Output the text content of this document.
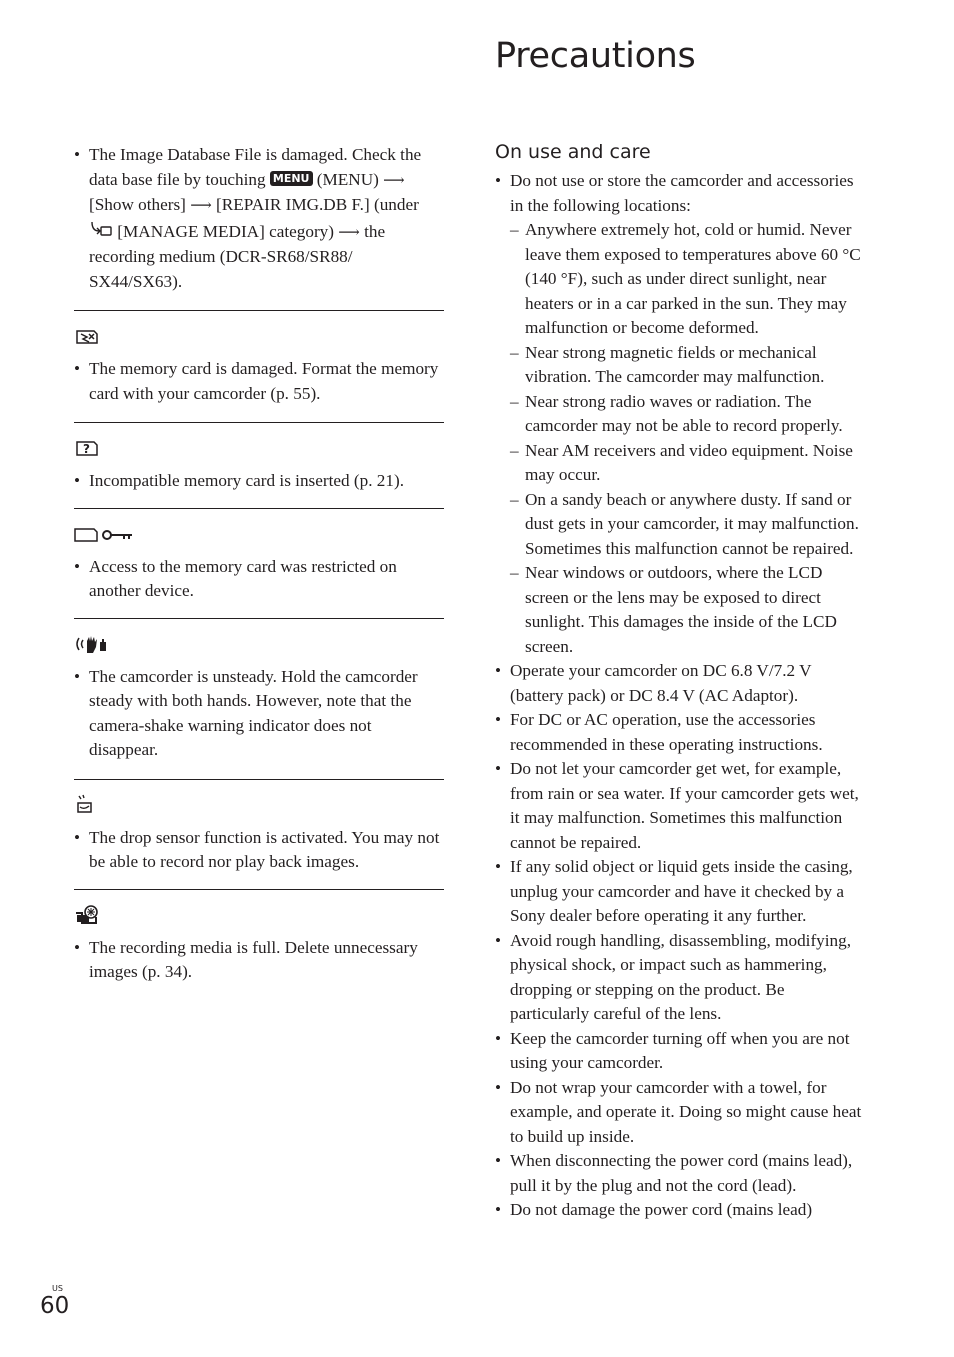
Precautions
• The Image Database File is damaged. Check the data base file by touching MENU (MENU) ⟶ [Show others] ⟶ [REPAIR IMG.DB F.] (under  [MANAGE MEDIA] category) ⟶ the recording medium (DCR-SR68/SR88/ SX44/SX63).
• The memory card is damaged. Format the memory card with your camcorder (p. 55).
?
• Incompatible memory card is inserted (p. 21).
• Access to the memory card was restricted on another device.
• The camcorder is unsteady. Hold the camcorder steady with both hands. However, note that the camera-shake warning indicator does not disappear.
• The drop sensor function is activated. You may not be able to record nor play back images.
• The recording media is full. Delete unnecessary images (p. 34).
On use and care
• Do not use or store the camcorder and accessories in the following locations:
– Anywhere extremely hot, cold or humid. Never leave them exposed to temperatures above 60 °C (140 °F), such as under direct sunlight, near heaters or in a car parked in the sun. They may malfunction or become deformed.
– Near strong magnetic fields or mechanical vibration. The camcorder may malfunction.
– Near strong radio waves or radiation. The camcorder may not be able to record properly.
– Near AM receivers and video equipment. Noise may occur.
– On a sandy beach or anywhere dusty. If sand or dust gets in your camcorder, it may malfunction. Sometimes this malfunction cannot be repaired.
– Near windows or outdoors, where the LCD screen or the lens may be exposed to direct sunlight. This damages the inside of the LCD screen.
• Operate your camcorder on DC 6.8 V/7.2 V (battery pack) or DC 8.4 V (AC Adaptor).
• For DC or AC operation, use the accessories recommended in these operating instructions.
• Do not let your camcorder get wet, for example, from rain or sea water. If your camcorder gets wet, it may malfunction. Sometimes this malfunction cannot be repaired.
• If any solid object or liquid gets inside the casing, unplug your camcorder and have it checked by a Sony dealer before operating it any further.
• Avoid rough handling, disassembling, modifying, physical shock, or impact such as hammering, dropping or stepping on the product. Be particularly careful of the lens.
• Keep the camcorder turning off when you are not using your camcorder.
• Do not wrap your camcorder with a towel, for example, and operate it. Doing so might cause heat to build up inside.
• When disconnecting the power cord (mains lead), pull it by the plug and not the cord (lead).
• Do not damage the power cord (mains lead)
US
60
